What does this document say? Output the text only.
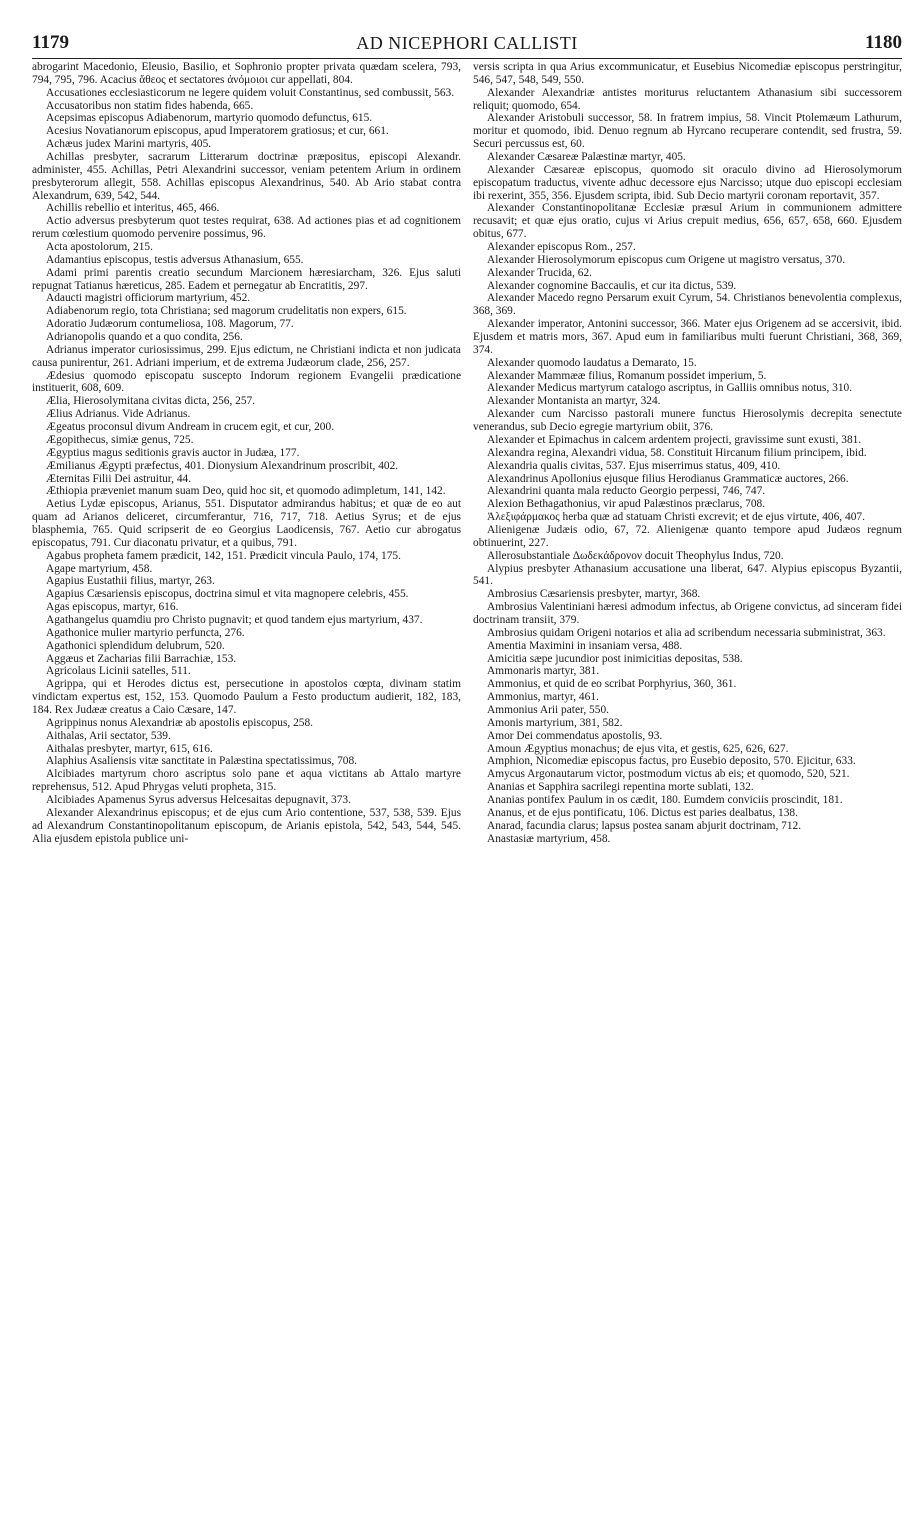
1179	AD NICEPHORI CALLISTI	1180

abrogarint Macedonio, Eleusio, Basilio, et Sophronio propter privata quædam scelera, 793, 794, 795, 796. Acacius ἄθεος et sectatores ἀνόμοιοι cur appellati, 804.

Accusationes ecclesiasticorum ne legere quidem voluit Constantinus, sed combussit, 563.

Accusatoribus non statim fides habenda, 665.

Acepsimas episcopus Adiabenorum, martyrio quomodo defunctus, 615.

Acesius Novatianorum episcopus, apud Imperatorem gratiosus; et cur, 661.

Achæus judex Marini martyris, 405.

Achillas presbyter, sacrarum Litterarum doctrinæ præpositus, episcopi Alexandr. administer, 455. Achillas, Petri Alexandrini successor, veniam petentem Arium in ordinem presbyterorum allegit, 558. Achillas episcopus Alexandrinus, 540. Ab Ario stabat contra Alexandrum, 639, 542, 544.

Achillis rebellio et interitus, 465, 466.

Actio adversus presbyterum quot testes requirat, 638. Ad actiones pias et ad cognitionem rerum cœlestium quomodo pervenire possimus, 96.

Acta apostolorum, 215.

Adamantius episcopus, testis adversus Athanasium, 655.

Adami primi parentis creatio secundum Marcionem hæresiarcham, 326. Ejus saluti repugnat Tatianus hæreticus, 285. Eadem et pernegatur ab Encratitis, 297.

Adaucti magistri officiorum martyrium, 452.

Adiabenorum regio, tota Christiana; sed magorum crudelitatis non expers, 615.

Adoratio Judæorum contumeliosa, 108. Magorum, 77.

Adrianopolis quando et a quo condita, 256.

Adrianus imperator curiosissimus, 299. Ejus edictum, ne Christiani indicta et non judicata causa punirentur, 261. Adriani imperium, et de extrema Judæorum clade, 256, 257.

Ædesius quomodo episcopatu suscepto Indorum regionem Evangelii prædicatione instituerit, 608, 609.

Ælia, Hierosolymitana civitas dicta, 256, 257.

Ælius Adrianus. Vide Adrianus.

Ægeatus proconsul divum Andream in crucem egit, et cur, 200.

Ægopithecus, simiæ genus, 725.

Ægyptius magus seditionis gravis auctor in Judæa, 177.

Æmilianus Ægypti præfectus, 401. Dionysium Alexandrinum proscribit, 402.

Æternitas Filii Dei astruitur, 44.

Æthiopia præveniet manum suam Deo, quid hoc sit, et quomodo adimpletum, 141, 142.

Aetius Lydæ episcopus, Arianus, 551. Disputator admirandus habitus; et quæ de eo aut quam ad Arianos deliceret, circumferantur, 716, 717, 718. Aetius Syrus; et de ejus blasphemia, 765. Quid scripserit de eo Georgius Laodicensis, 767. Aetio cur abrogatus episcopatus, 791. Cur diaconatu privatur, et a quibus, 791.

Agabus propheta famem prædicit, 142, 151. Prædicit vincula Paulo, 174, 175.

Agape martyrium, 458.

Agapius Eustathii filius, martyr, 263.

Agapius Cæsariensis episcopus, doctrina simul et vita magnopere celebris, 455.

Agas episcopus, martyr, 616.

Agathangelus quamdiu pro Christo pugnavit; et quod tandem ejus martyrium, 437.

Agathonice mulier martyrio perfuncta, 276.

Agathonici splendidum delubrum, 520.

Aggæus et Zacharias filii Barrachiæ, 153.

Agricolaus Licinii satelles, 511.

Agrippa, qui et Herodes dictus est, persecutione in apostolos cœpta, divinam statim vindictam expertus est, 152, 153. Quomodo Paulum a Festo productum audierit, 182, 183, 184. Rex Judææ creatus a Caio Cæsare, 147.

Agrippinus nonus Alexandriæ ab apostolis episcopus, 258.

Aithalas, Arii sectator, 539.

Aithalas presbyter, martyr, 615, 616.

Alaphius Asaliensis vitæ sanctitate in Palæstina spectatissimus, 708.

Alcibiades martyrum choro ascriptus solo pane et aqua victitans ab Attalo martyre reprehensus, 512. Apud Phrygas veluti propheta, 315.

Alcibiades Apamenus Syrus adversus Helcesaitas depugnavit, 373.

Alexander Alexandrinus episcopus; et de ejus cum Ario contentione, 537, 538, 539. Ejus ad Alexandrum Constantinopolitanum episcopum, de Arianis epistola, 542, 543, 544, 545. Alia ejusdem epistola publice uni-

versis scripta in qua Arius excommunicatur, et Eusebius Nicomediæ episcopus perstringitur, 546, 547, 548, 549, 550.

Alexander Alexandriæ antistes moriturus reluctantem Athanasium sibi successorem reliquit; quomodo, 654.

Alexander Aristobuli successor, 58. In fratrem impius, 58. Vincit Ptolemæum Lathurum, moritur et quomodo, ibid. Denuo regnum ab Hyrcano recuperare contendit, sed frustra, 59. Securi percussus est, 60.

Alexander Cæsareæ Palæstinæ martyr, 405.

Alexander Cæsareæ episcopus, quomodo sit oraculo divino ad Hierosolymorum episcopatum traductus, vivente adhuc decessore ejus Narcisso; utque duo episcopi ecclesiam ibi rexerint, 355, 356. Ejusdem scripta, ibid. Sub Decio martyrii coronam reportavit, 357.

Alexander Constantinopolitanæ Ecclesiæ præsul Arium in communionem admittere recusavit; et quæ ejus oratio, cujus vi Arius crepuit medius, 656, 657, 658, 660. Ejusdem obitus, 677.

Alexander episcopus Rom., 257.

Alexander Hierosolymorum episcopus cum Origene ut magistro versatus, 370.

Alexander Trucida, 62.

Alexander cognomine Baccaulis, et cur ita dictus, 539.

Alexander Macedo regno Persarum exuit Cyrum, 54. Christianos benevolentia complexus, 368, 369.

Alexander imperator, Antonini successor, 366. Mater ejus Origenem ad se accersivit, ibid. Ejusdem et matris mors, 367. Apud eum in familiaribus multi fuerunt Christiani, 368, 369, 374.

Alexander quomodo laudatus a Demarato, 15.

Alexander Mammææ filius, Romanum possidet imperium, 5.

Alexander Medicus martyrum catalogo ascriptus, in Galliis omnibus notus, 310.

Alexander Montanista an martyr, 324.

Alexander cum Narcisso pastorali munere functus Hierosolymis decrepita senectute venerandus, sub Decio egregie martyrium obiit, 376.

Alexander et Epimachus in calcem ardentem projecti, gravissime sunt exusti, 381.

Alexandra regina, Alexandri vidua, 58. Constituit Hircanum filium principem, ibid.

Alexandria qualis civitas, 537. Ejus miserrimus status, 409, 410.

Alexandrinus Apollonius ejusque filius Herodianus Grammaticæ auctores, 266.

Alexandrini quanta mala reducto Georgio perpessi, 746, 747.

Alexion Bethagathonius, vir apud Palæstinos præclarus, 708.

Ἀλεξιφάρμακος herba quæ ad statuam Christi excrevit; et de ejus virtute, 406, 407.

Alienigenæ Judæis odio, 67, 72. Alienigenæ quanto tempore apud Judæos regnum obtinuerint, 227.

Allerosubstantiale Δωδεκάδρονον docuit Theophylus Indus, 720.

Alypius presbyter Athanasium accusatione una liberat, 647. Alypius episcopus Byzantii, 541.

Ambrosius Cæsariensis presbyter, martyr, 368.

Ambrosius Valentiniani hæresi admodum infectus, ab Origene convictus, ad sinceram fidei doctrinam transiit, 379.

Ambrosius quidam Origeni notarios et alia ad scribendum necessaria subministrat, 363.

Amentia Maximini in insaniam versa, 488.

Amicitia sæpe jucundior post inimicitias depositas, 538.

Ammonaris martyr, 381.

Ammonius, et quid de eo scribat Porphyrius, 360, 361.

Ammonius, martyr, 461.

Ammonius Arii pater, 550.

Amonis martyrium, 381, 582.

Amor Dei commendatus apostolis, 93.

Amoun Ægyptius monachus; de ejus vita, et gestis, 625, 626, 627.

Amphion, Nicomediæ episcopus factus, pro Eusebio deposito, 570. Ejicitur, 633.

Amycus Argonautarum victor, postmodum victus ab eis; et quomodo, 520, 521.

Ananias et Sapphira sacrilegi repentina morte sublati, 132.

Ananias pontifex Paulum in os cædit, 180. Eumdem conviciis proscindit, 181.

Ananus, et de ejus pontificatu, 106. Dictus est paries dealbatus, 138.

Anarad, facundia clarus; lapsus postea sanam abjurit doctrinam, 712.

Anastasiæ martyrium, 458.
